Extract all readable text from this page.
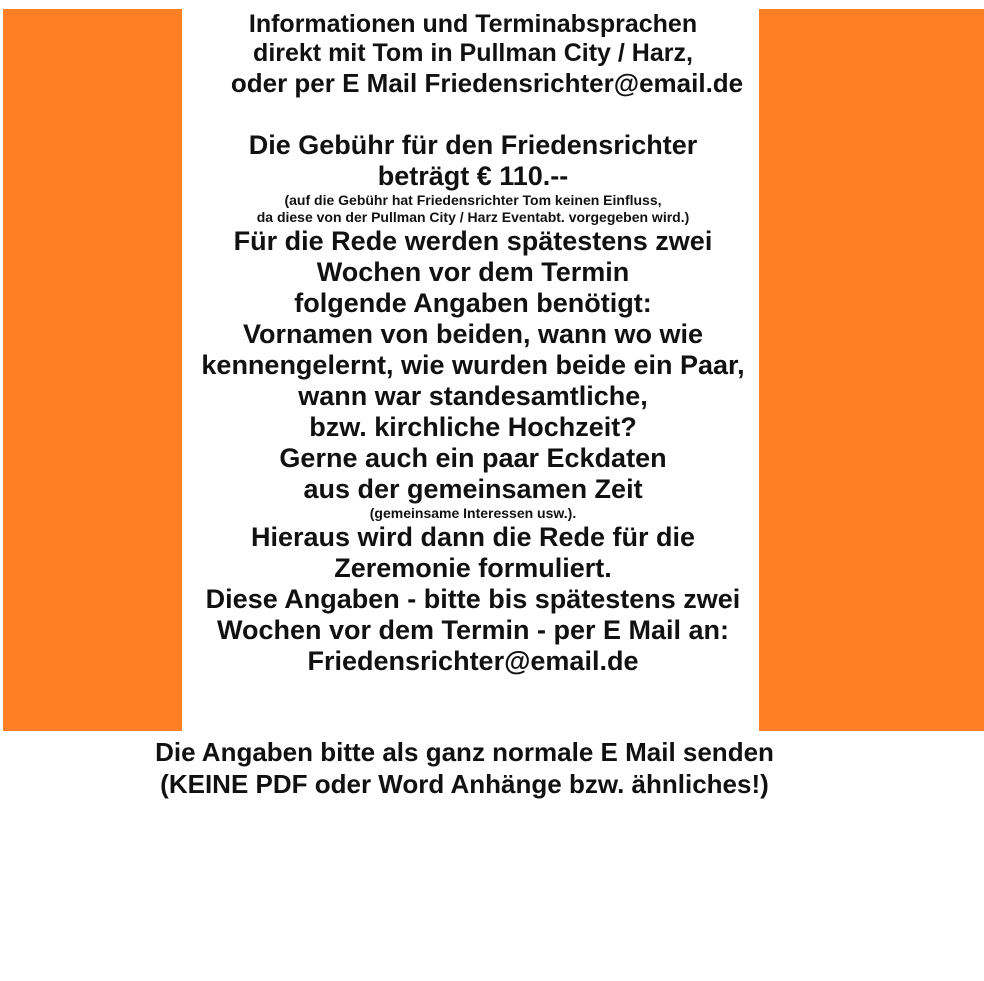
Informationen und Terminabsprachen
direkt mit Tom in Pullman City / Harz,
oder per E Mail Friedensrichter@email.de
Die Gebühr für den Friedensrichter
beträgt € 110.--
(auf die Gebühr hat Friedensrichter Tom keinen Einfluss,
da diese von der Pullman City / Harz Eventabt. vorgegeben wird.)
Für die Rede werden spätestens zwei
Wochen vor dem Termin
folgende Angaben benötigt:
Vornamen von beiden, wann wo wie
kennengelernt, wie wurden beide ein Paar,
wann war standesamtliche,
bzw. kirchliche Hochzeit?
Gerne auch ein paar Eckdaten
aus der gemeinsamen Zeit
(gemeinsame Interessen usw.).
Hieraus wird dann die Rede für die
Zeremonie formuliert.
Diese Angaben - bitte bis spätestens zwei
Wochen vor dem Termin - per E Mail an:
Friedensrichter@email.de
Die Angaben bitte als ganz normale E Mail senden
(KEINE PDF oder Word Anhänge bzw. ähnliches!)
